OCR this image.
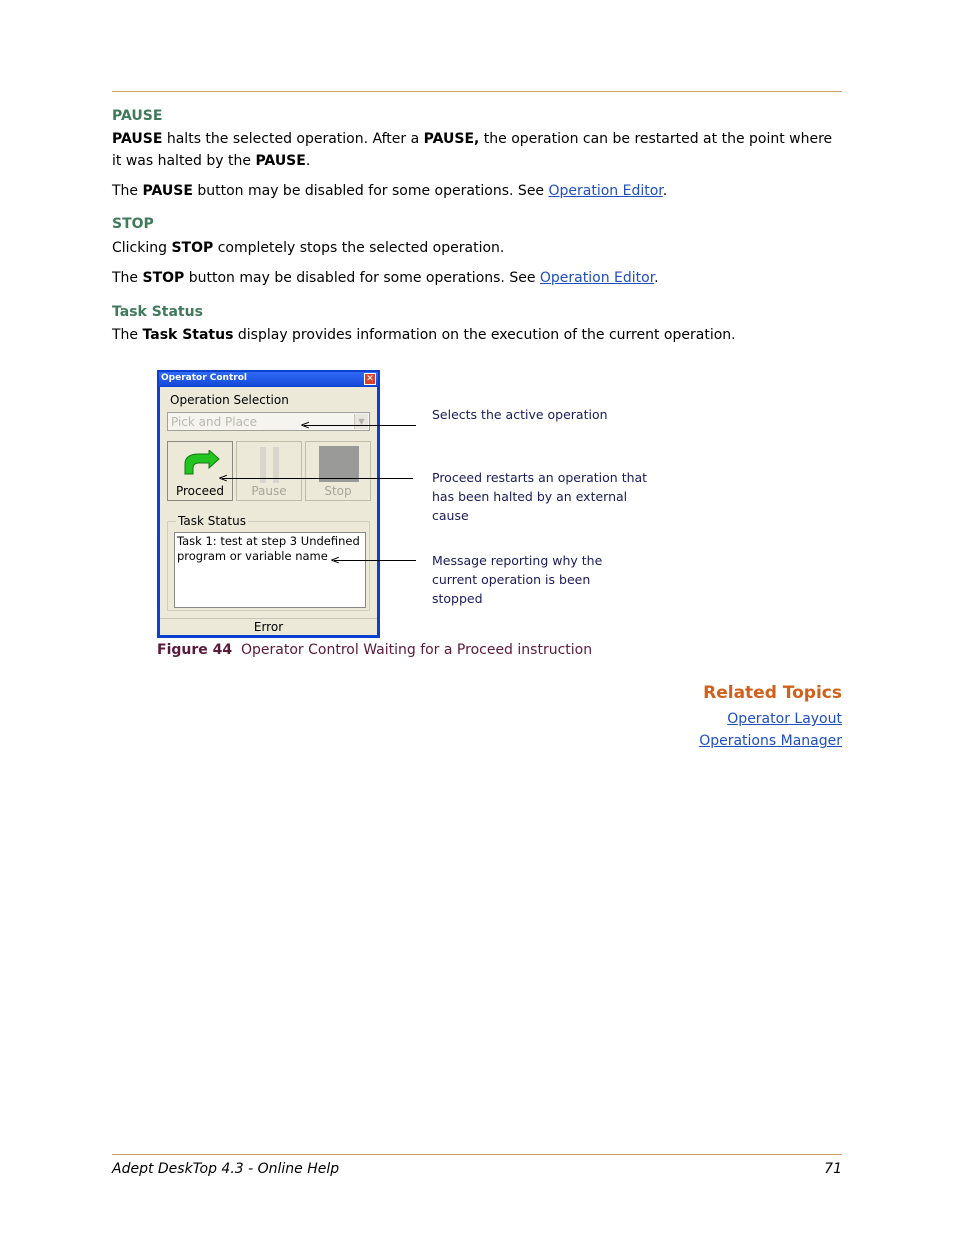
PAUSE
PAUSE halts the selected operation. After a PAUSE, the operation can be restarted at the point where it was halted by the PAUSE.
The PAUSE button may be disabled for some operations. See Operation Editor.
STOP
Clicking STOP completely stops the selected operation.
The STOP button may be disabled for some operations. See Operation Editor.
Task Status
The Task Status display provides information on the execution of the current operation.
Operator Control	✕
Operation Selection
Pick and Place	▼
Proceed	Pause	Stop
Task Status
Task 1: test at step 3 Undefined
program or variable name
Error
<
<
<
Selects the active operation
Proceed restarts an operation that has been halted by an external cause
Message reporting why the current operation is been stopped
Figure 44 Operator Control Waiting for a Proceed instruction
Related Topics
Operator Layout
Operations Manager
Adept DeskTop 4.3 - Online Help	71
